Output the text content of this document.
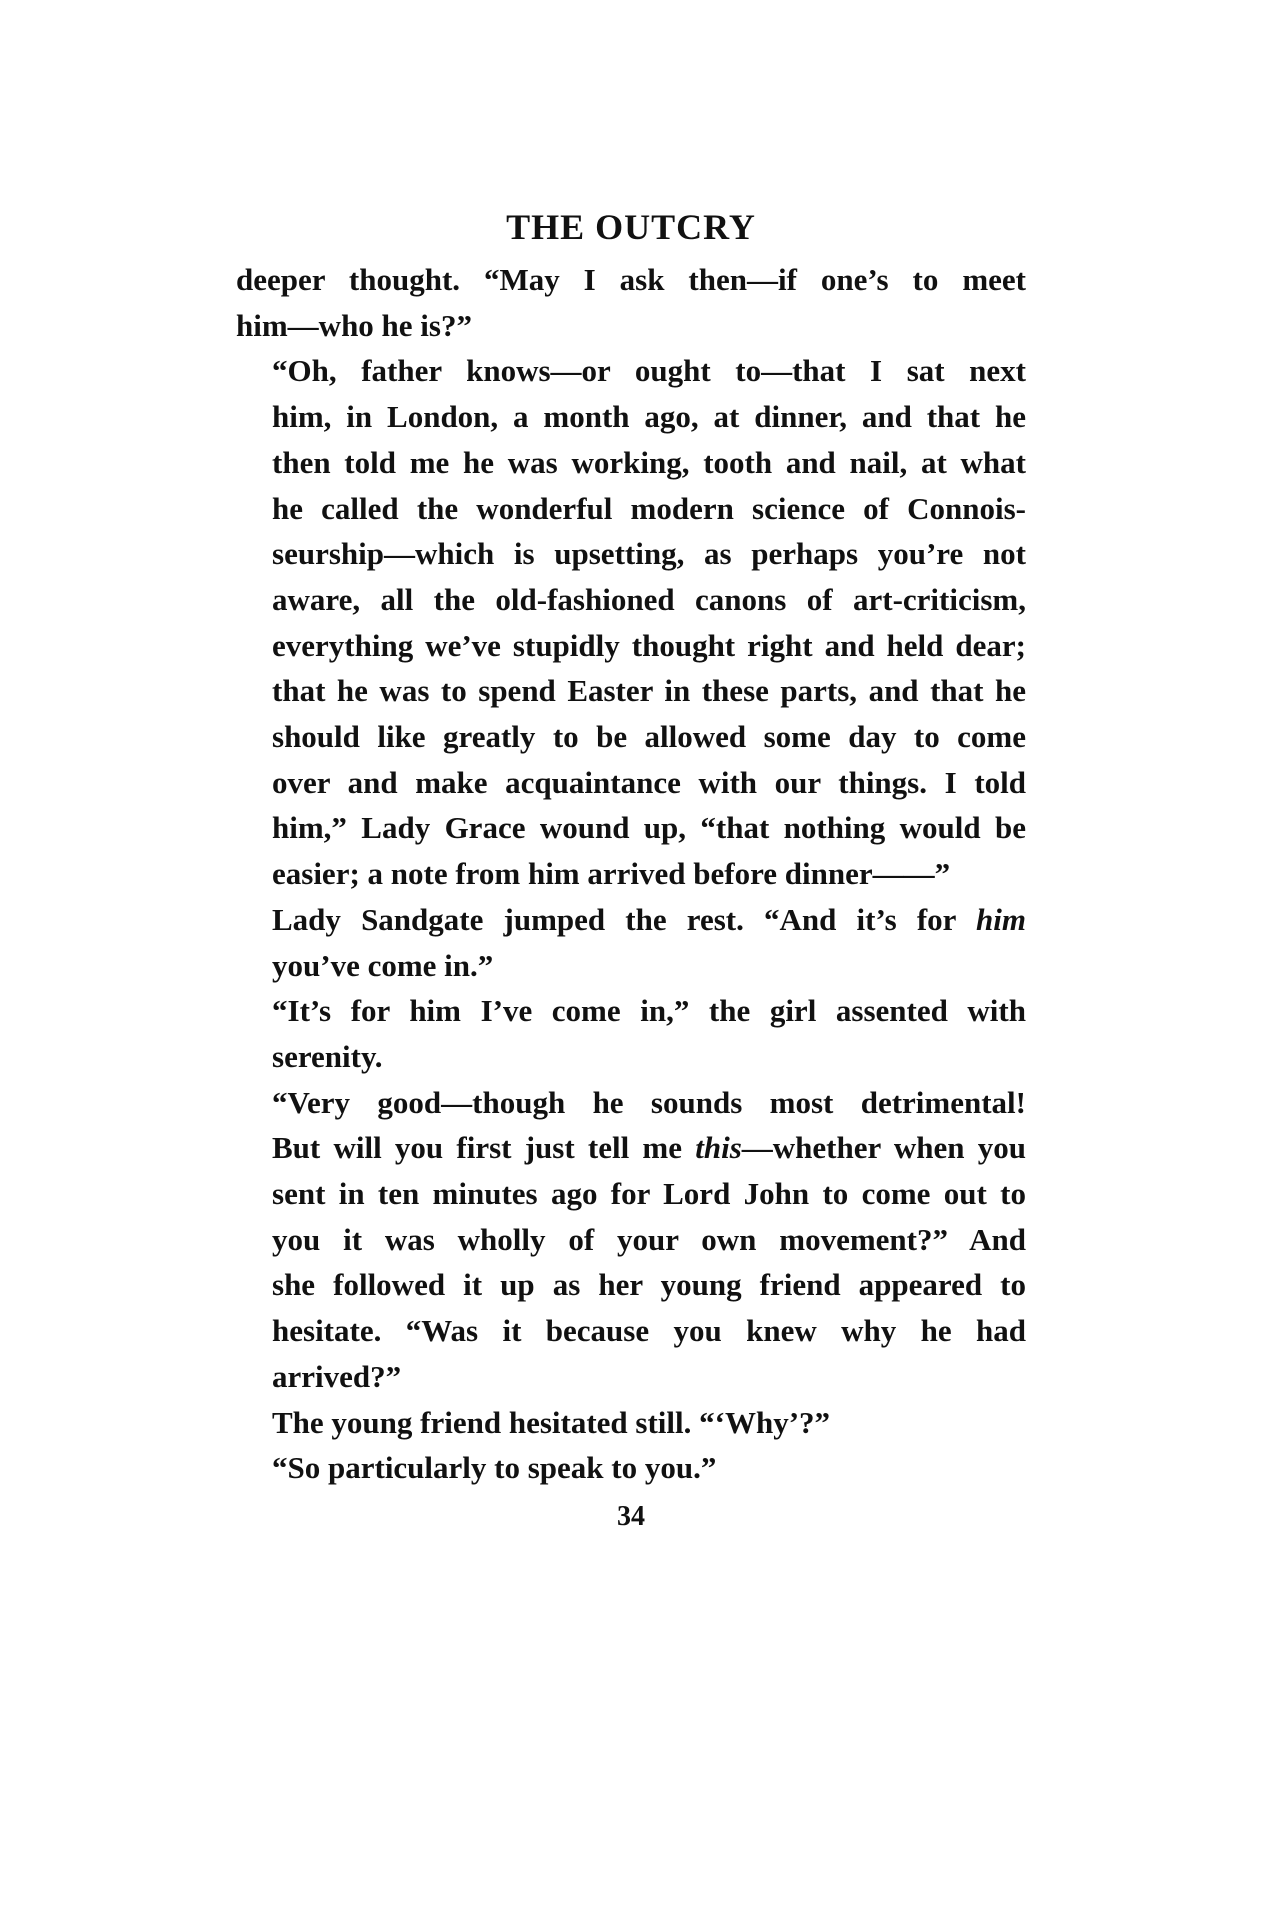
THE OUTCRY

deeper thought. “May I ask then—if one’s to meet
him—who he is?”

“Oh, father knows—or ought to—that I sat next
him, in London, a month ago, at dinner, and that he
then told me he was working, tooth and nail, at what
he called the wonderful modern science of Connois-
seurship—which is upsetting, as perhaps you’re not
aware, all the old-fashioned canons of art-criticism,
everything we’ve stupidly thought right and held dear;
that he was to spend Easter in these parts, and that he
should like greatly to be allowed some day to come
over and make acquaintance with our things. I told
him,” Lady Grace wound up, “that nothing would be
easier; a note from him arrived before dinner——”

Lady Sandgate jumped the rest. “And it’s for him
you’ve come in.”

“It’s for him I’ve come in,” the girl assented with
serenity.

“Very good—though he sounds most detrimental!
But will you first just tell me this—whether when you
sent in ten minutes ago for Lord John to come out to
you it was wholly of your own movement?” And
she followed it up as her young friend appeared to
hesitate. “Was it because you knew why he had
arrived?”

The young friend hesitated still. “‘Why’?”

“So particularly to speak to you.”

34
